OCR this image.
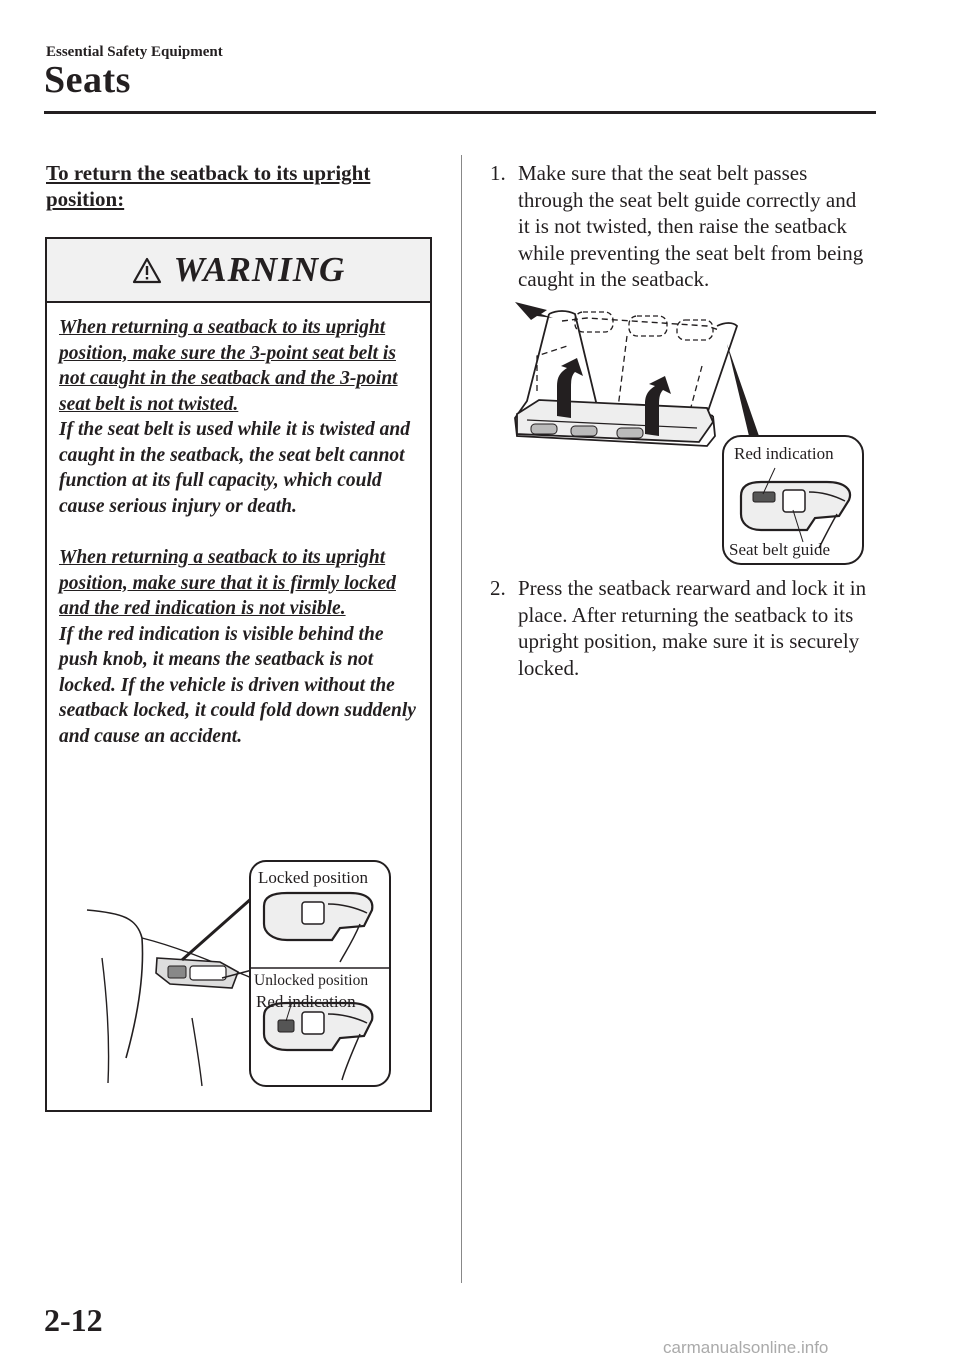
Essential Safety Equipment
Seats
To return the seatback to its upright position:
WARNING

When returning a seatback to its upright position, make sure the 3-point seat belt is not caught in the seatback and the 3-point seat belt is not twisted.

If the seat belt is used while it is twisted and caught in the seatback, the seat belt cannot function at its full capacity, which could cause serious injury or death.

When returning a seatback to its upright position, make sure that it is firmly locked and the red indication is not visible.

If the red indication is visible behind the push knob, it means the seatback is not locked. If the vehicle is driven without the seatback locked, it could fold down suddenly and cause an accident.

Locked position
Unlocked position
Red indication
1. Make sure that the seat belt passes through the seat belt guide correctly and it is not twisted, then raise the seatback while preventing the seat belt from being caught in the seatback.
2. Press the seatback rearward and lock it in place. After returning the seatback to its upright position, make sure it is securely locked.
Red indication
Seat belt guide
2-12
carmanualsonline.info
